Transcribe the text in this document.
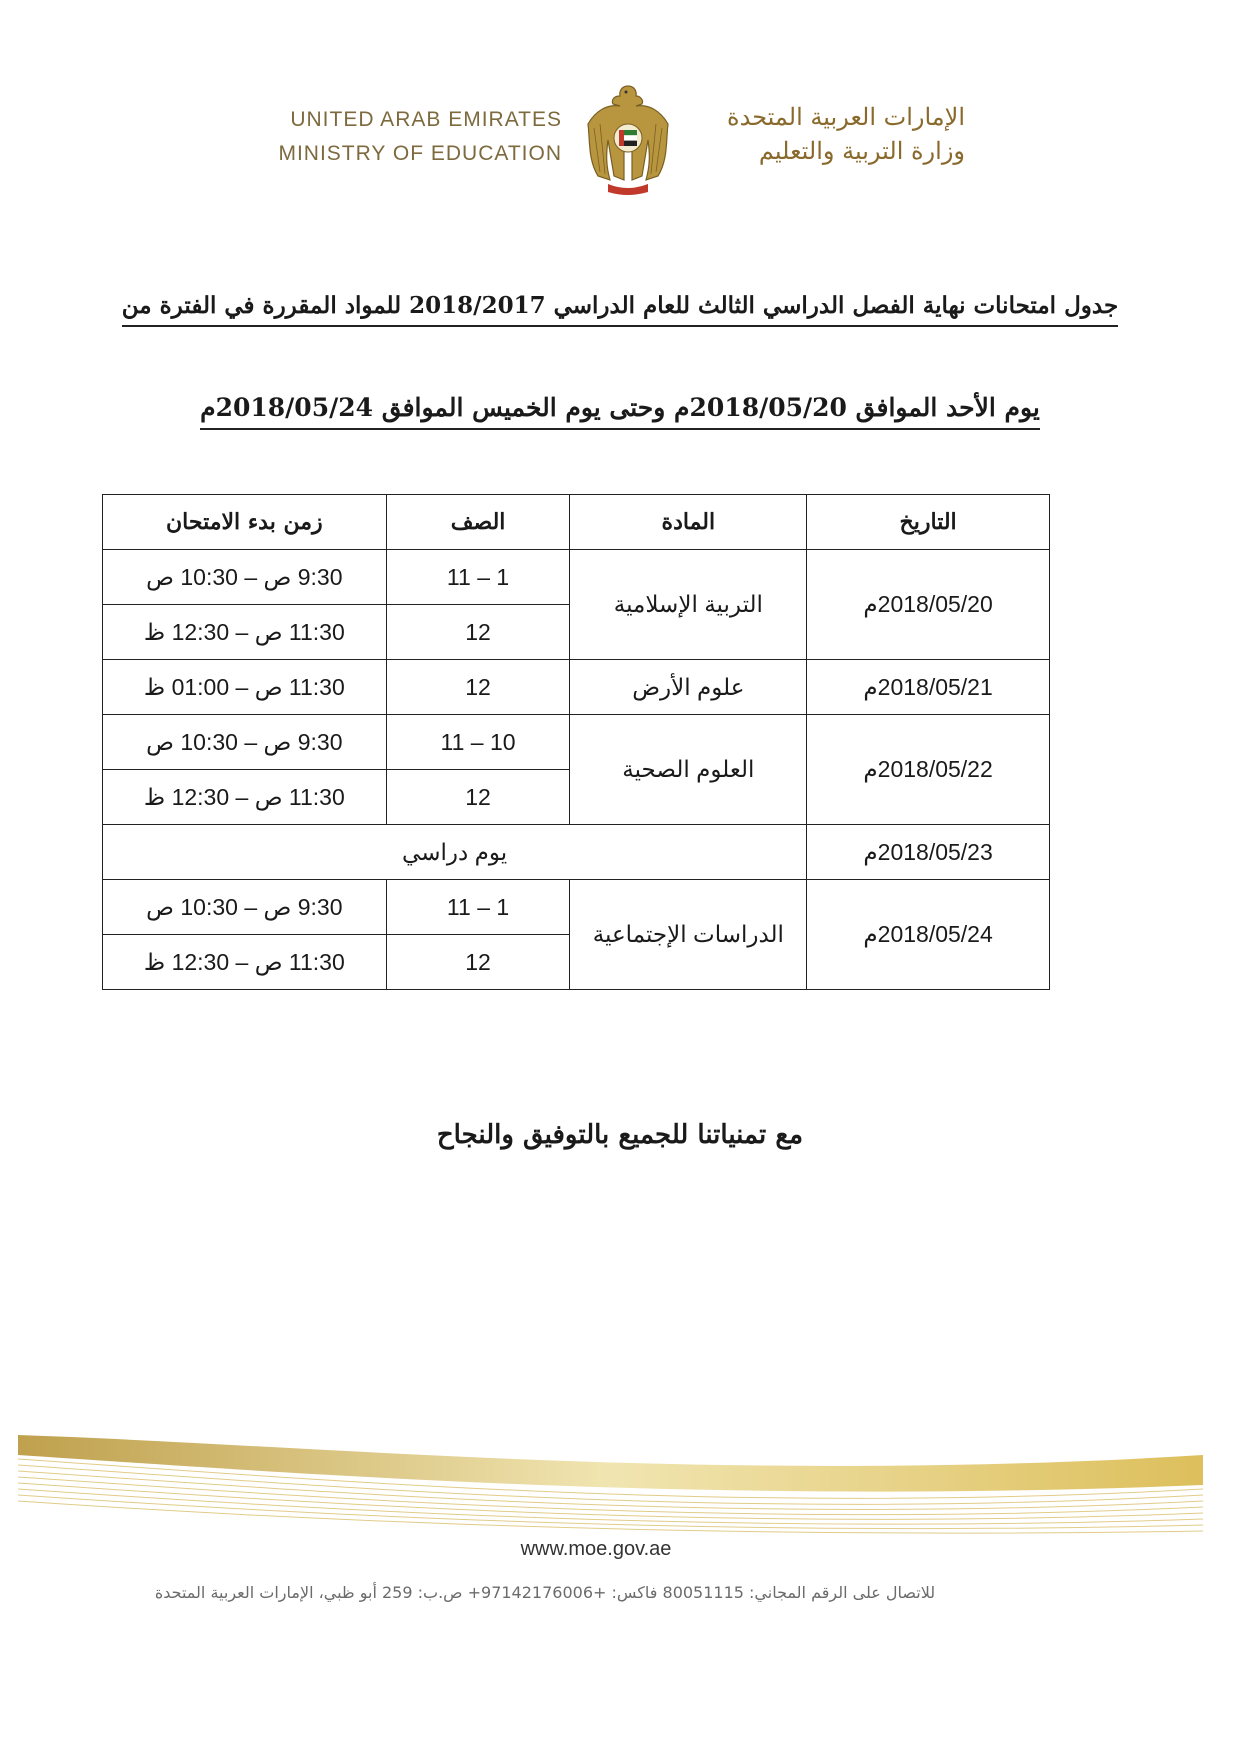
UNITED ARAB EMIRATES
MINISTRY OF EDUCATION
الإمارات العربية المتحدة
وزارة التربية والتعليم
جدول امتحانات نهاية الفصل الدراسي الثالث للعام الدراسي 2018/2017 للمواد المقررة في الفترة من
يوم الأحد الموافق 2018/05/20م وحتى يوم الخميس الموافق 2018/05/24م
التاريخ	المادة	الصف	زمن بدء الامتحان
2018/05/20م	التربية الإسلامية	1 – 11	9:30 ص – 10:30 ص
		12	11:30 ص – 12:30 ظ
2018/05/21م	علوم الأرض	12	11:30 ص – 01:00 ظ
2018/05/22م	العلوم الصحية	10 – 11	9:30 ص – 10:30 ص
		12	11:30 ص – 12:30 ظ
2018/05/23م	يوم دراسي		
2018/05/24م	الدراسات الإجتماعية	1 – 11	9:30 ص – 10:30 ص
		12	11:30 ص – 12:30 ظ
مع تمنياتنا للجميع بالتوفيق والنجاح
www.moe.gov.ae
للاتصال على الرقم المجاني: 80051115 فاكس: +97142176006+ ص.ب: 259 أبو ظبي، الإمارات العربية المتحدة
